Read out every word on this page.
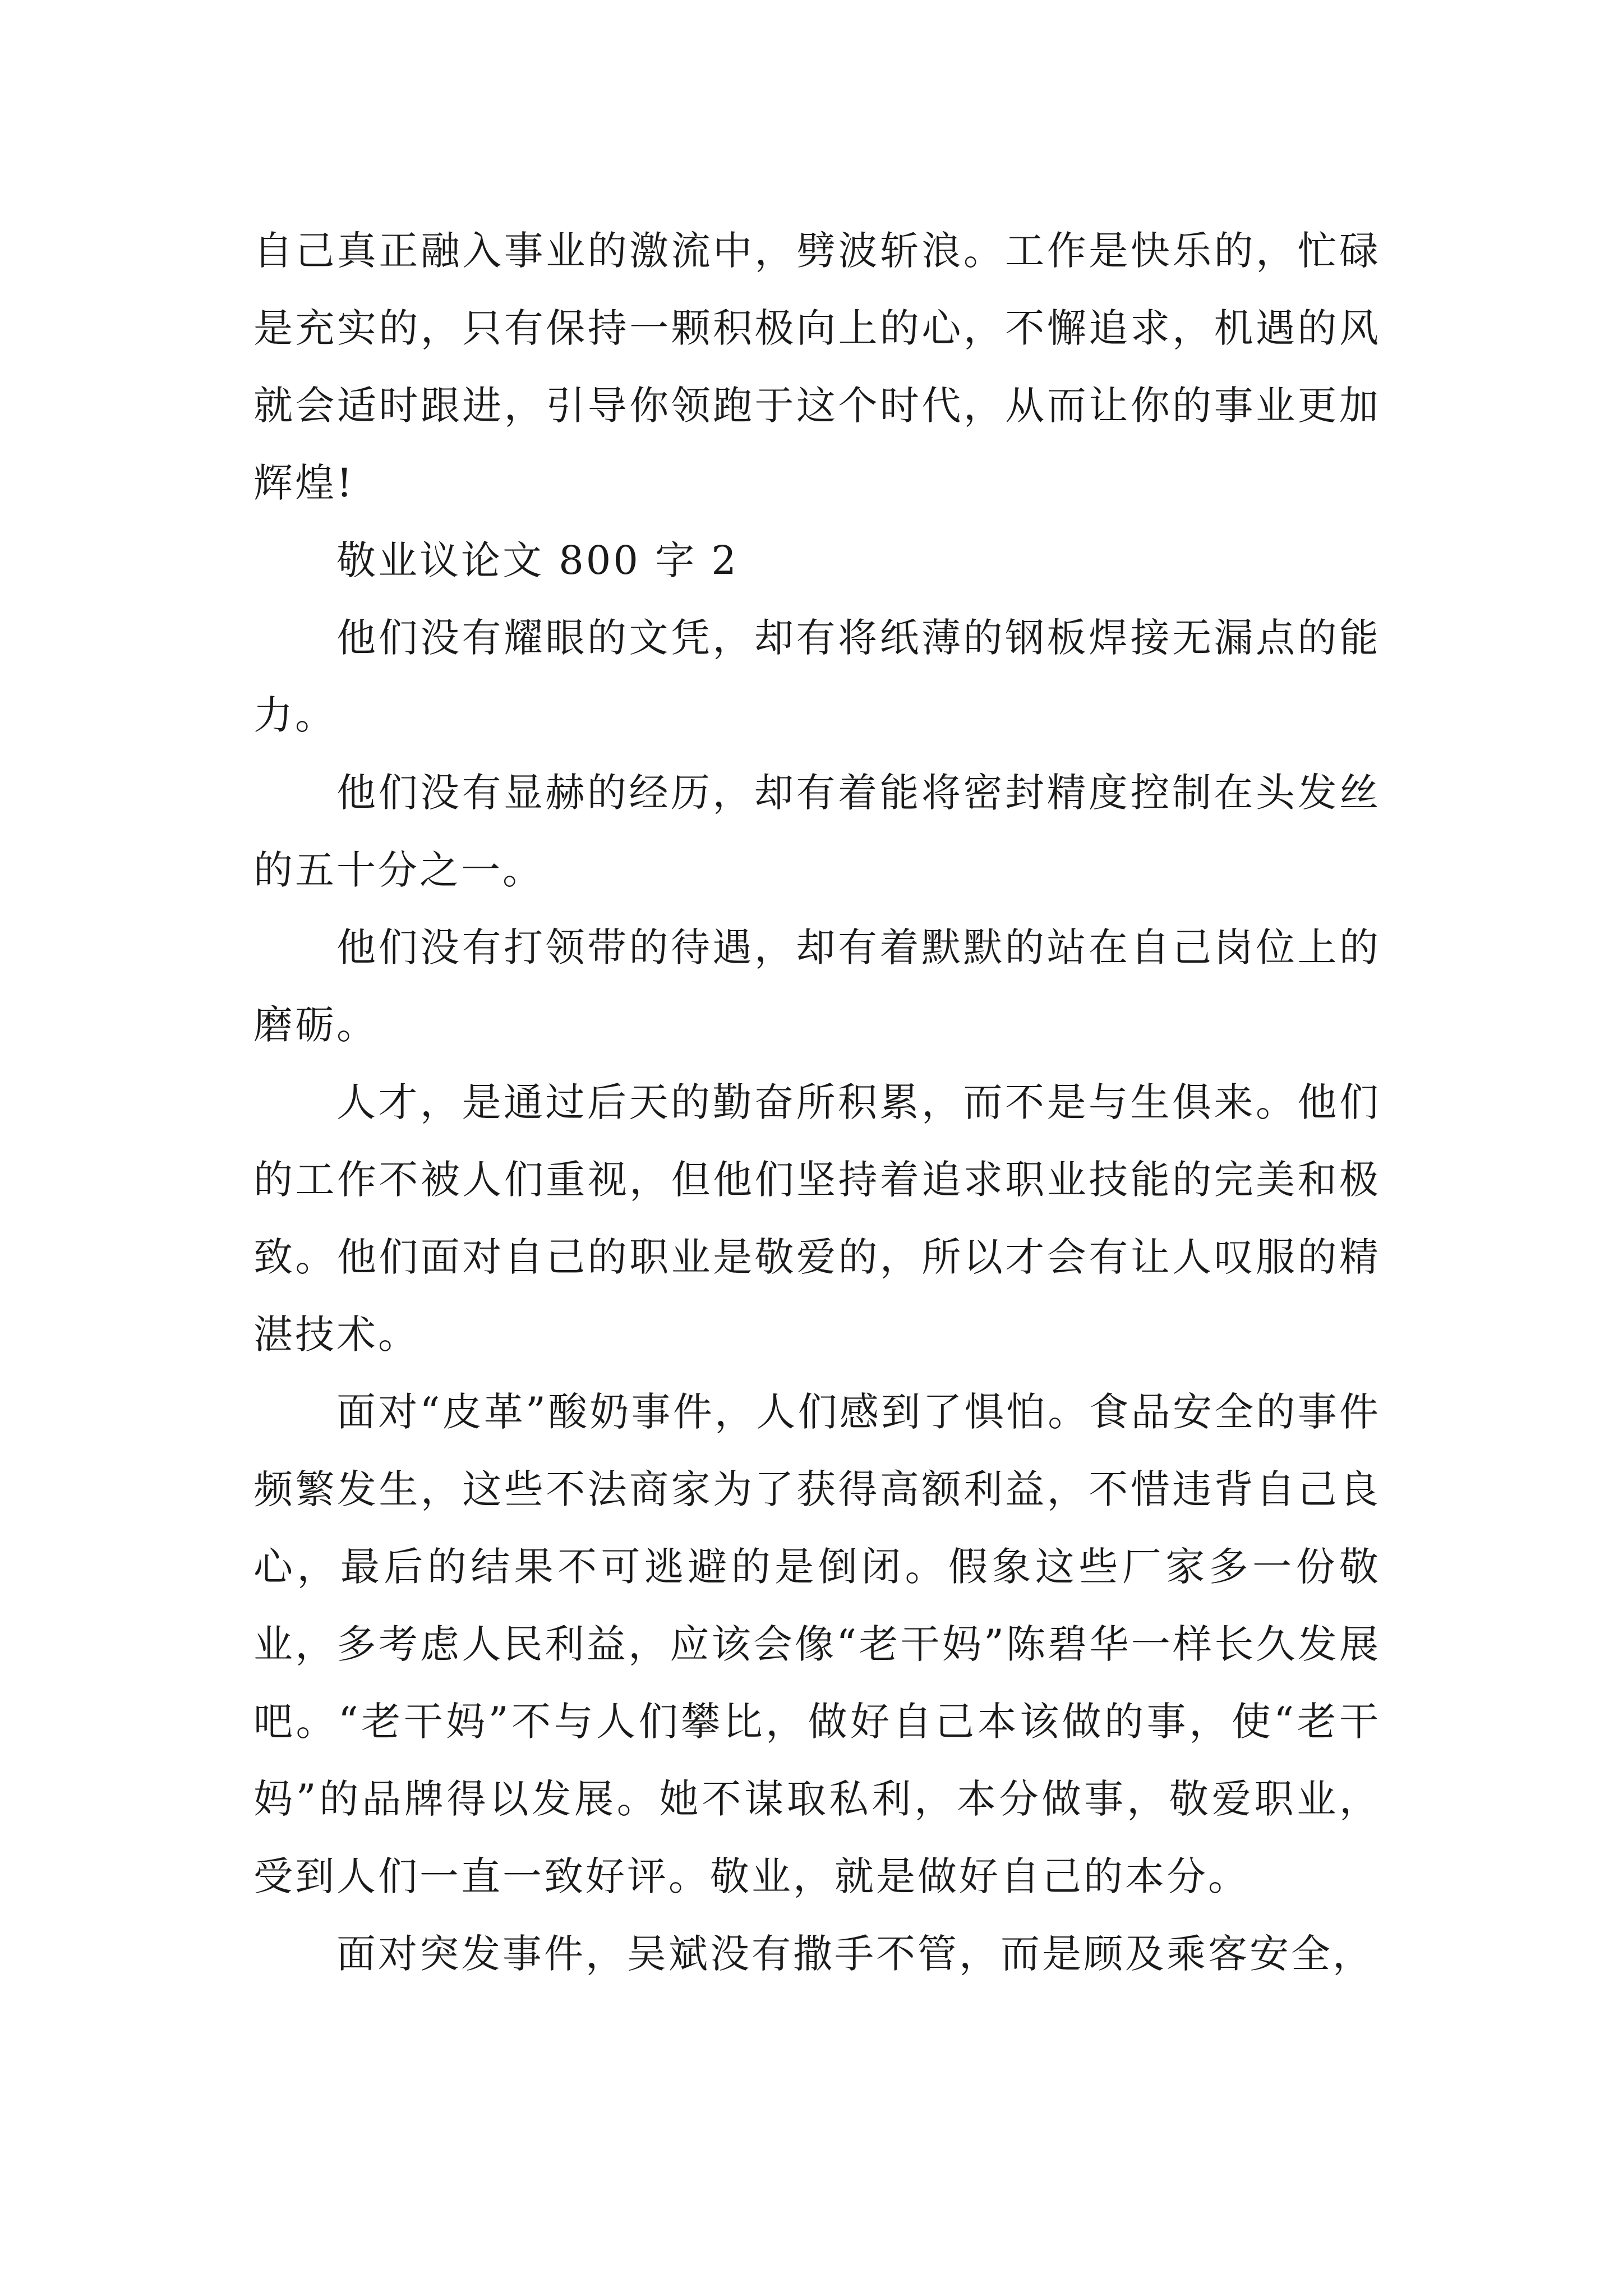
自己真正融入事业的激流中，劈波斩浪。工作是快乐的，忙碌是充实的，只有保持一颗积极向上的心，不懈追求，机遇的风就会适时跟进，引导你领跑于这个时代，从而让你的事业更加辉煌!

敬业议论文 800 字 2

他们没有耀眼的文凭，却有将纸薄的钢板焊接无漏点的能力。

他们没有显赫的经历，却有着能将密封精度控制在头发丝的五十分之一。

他们没有打领带的待遇，却有着默默的站在自己岗位上的磨砺。

人才，是通过后天的勤奋所积累，而不是与生俱来。他们的工作不被人们重视，但他们坚持着追求职业技能的完美和极致。他们面对自己的职业是敬爱的，所以才会有让人叹服的精湛技术。

面对“皮革”酸奶事件，人们感到了惧怕。食品安全的事件频繁发生，这些不法商家为了获得高额利益，不惜违背自己良心，最后的结果不可逃避的是倒闭。假象这些厂家多一份敬业，多考虑人民利益，应该会像“老干妈”陈碧华一样长久发展吧。“老干妈”不与人们攀比，做好自己本该做的事，使“老干妈”的品牌得以发展。她不谋取私利，本分做事，敬爱职业，受到人们一直一致好评。敬业，就是做好自己的本分。

面对突发事件，吴斌没有撒手不管，而是顾及乘客安全，
